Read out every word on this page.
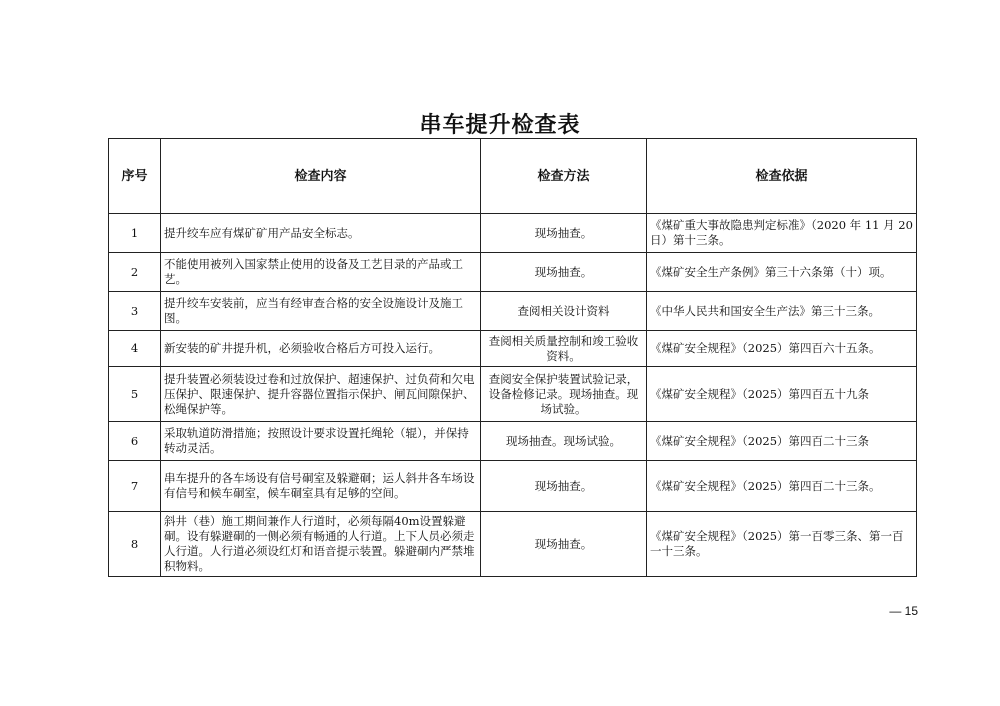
串车提升检查表
序号	检查内容	检查方法	检查依据
1	提升绞车应有煤矿矿用产品安全标志。	现场抽查。	《煤矿重大事故隐患判定标准》（2020 年 11 月 20 日）第十三条。
2	不能使用被列入国家禁止使用的设备及工艺目录的产品或工艺。	现场抽查。	《煤矿安全生产条例》第三十六条第（十）项。
3	提升绞车安装前，应当有经审查合格的安全设施设计及施工图。	查阅相关设计资料	《中华人民共和国安全生产法》第三十三条。
4	新安装的矿井提升机，必须验收合格后方可投入运行。	查阅相关质量控制和竣工验收资料。	《煤矿安全规程》（2025）第四百六十五条。
5	提升装置必须装设过卷和过放保护、超速保护、过负荷和欠电压保护、限速保护、提升容器位置指示保护、闸瓦间隙保护、松绳保护等。	查阅安全保护装置试验记录，设备检修记录。现场抽查。现场试验。	《煤矿安全规程》（2025）第四百五十九条
6	采取轨道防滑措施；按照设计要求设置托绳轮（辊），并保持转动灵活。	现场抽查。现场试验。	《煤矿安全规程》（2025）第四百二十三条
7	串车提升的各车场设有信号硐室及躲避硐；运人斜井各车场设有信号和候车硐室，候车硐室具有足够的空间。	现场抽查。	《煤矿安全规程》（2025）第四百二十三条。
8	斜井（巷）施工期间兼作人行道时，必须每隔40m设置躲避硐。设有躲避硐的一侧必须有畅通的人行道。上下人员必须走人行道。人行道必须设红灯和语音提示装置。躲避硐内严禁堆积物料。	现场抽查。	《煤矿安全规程》（2025）第一百零三条、第一百一十三条。
— 15
